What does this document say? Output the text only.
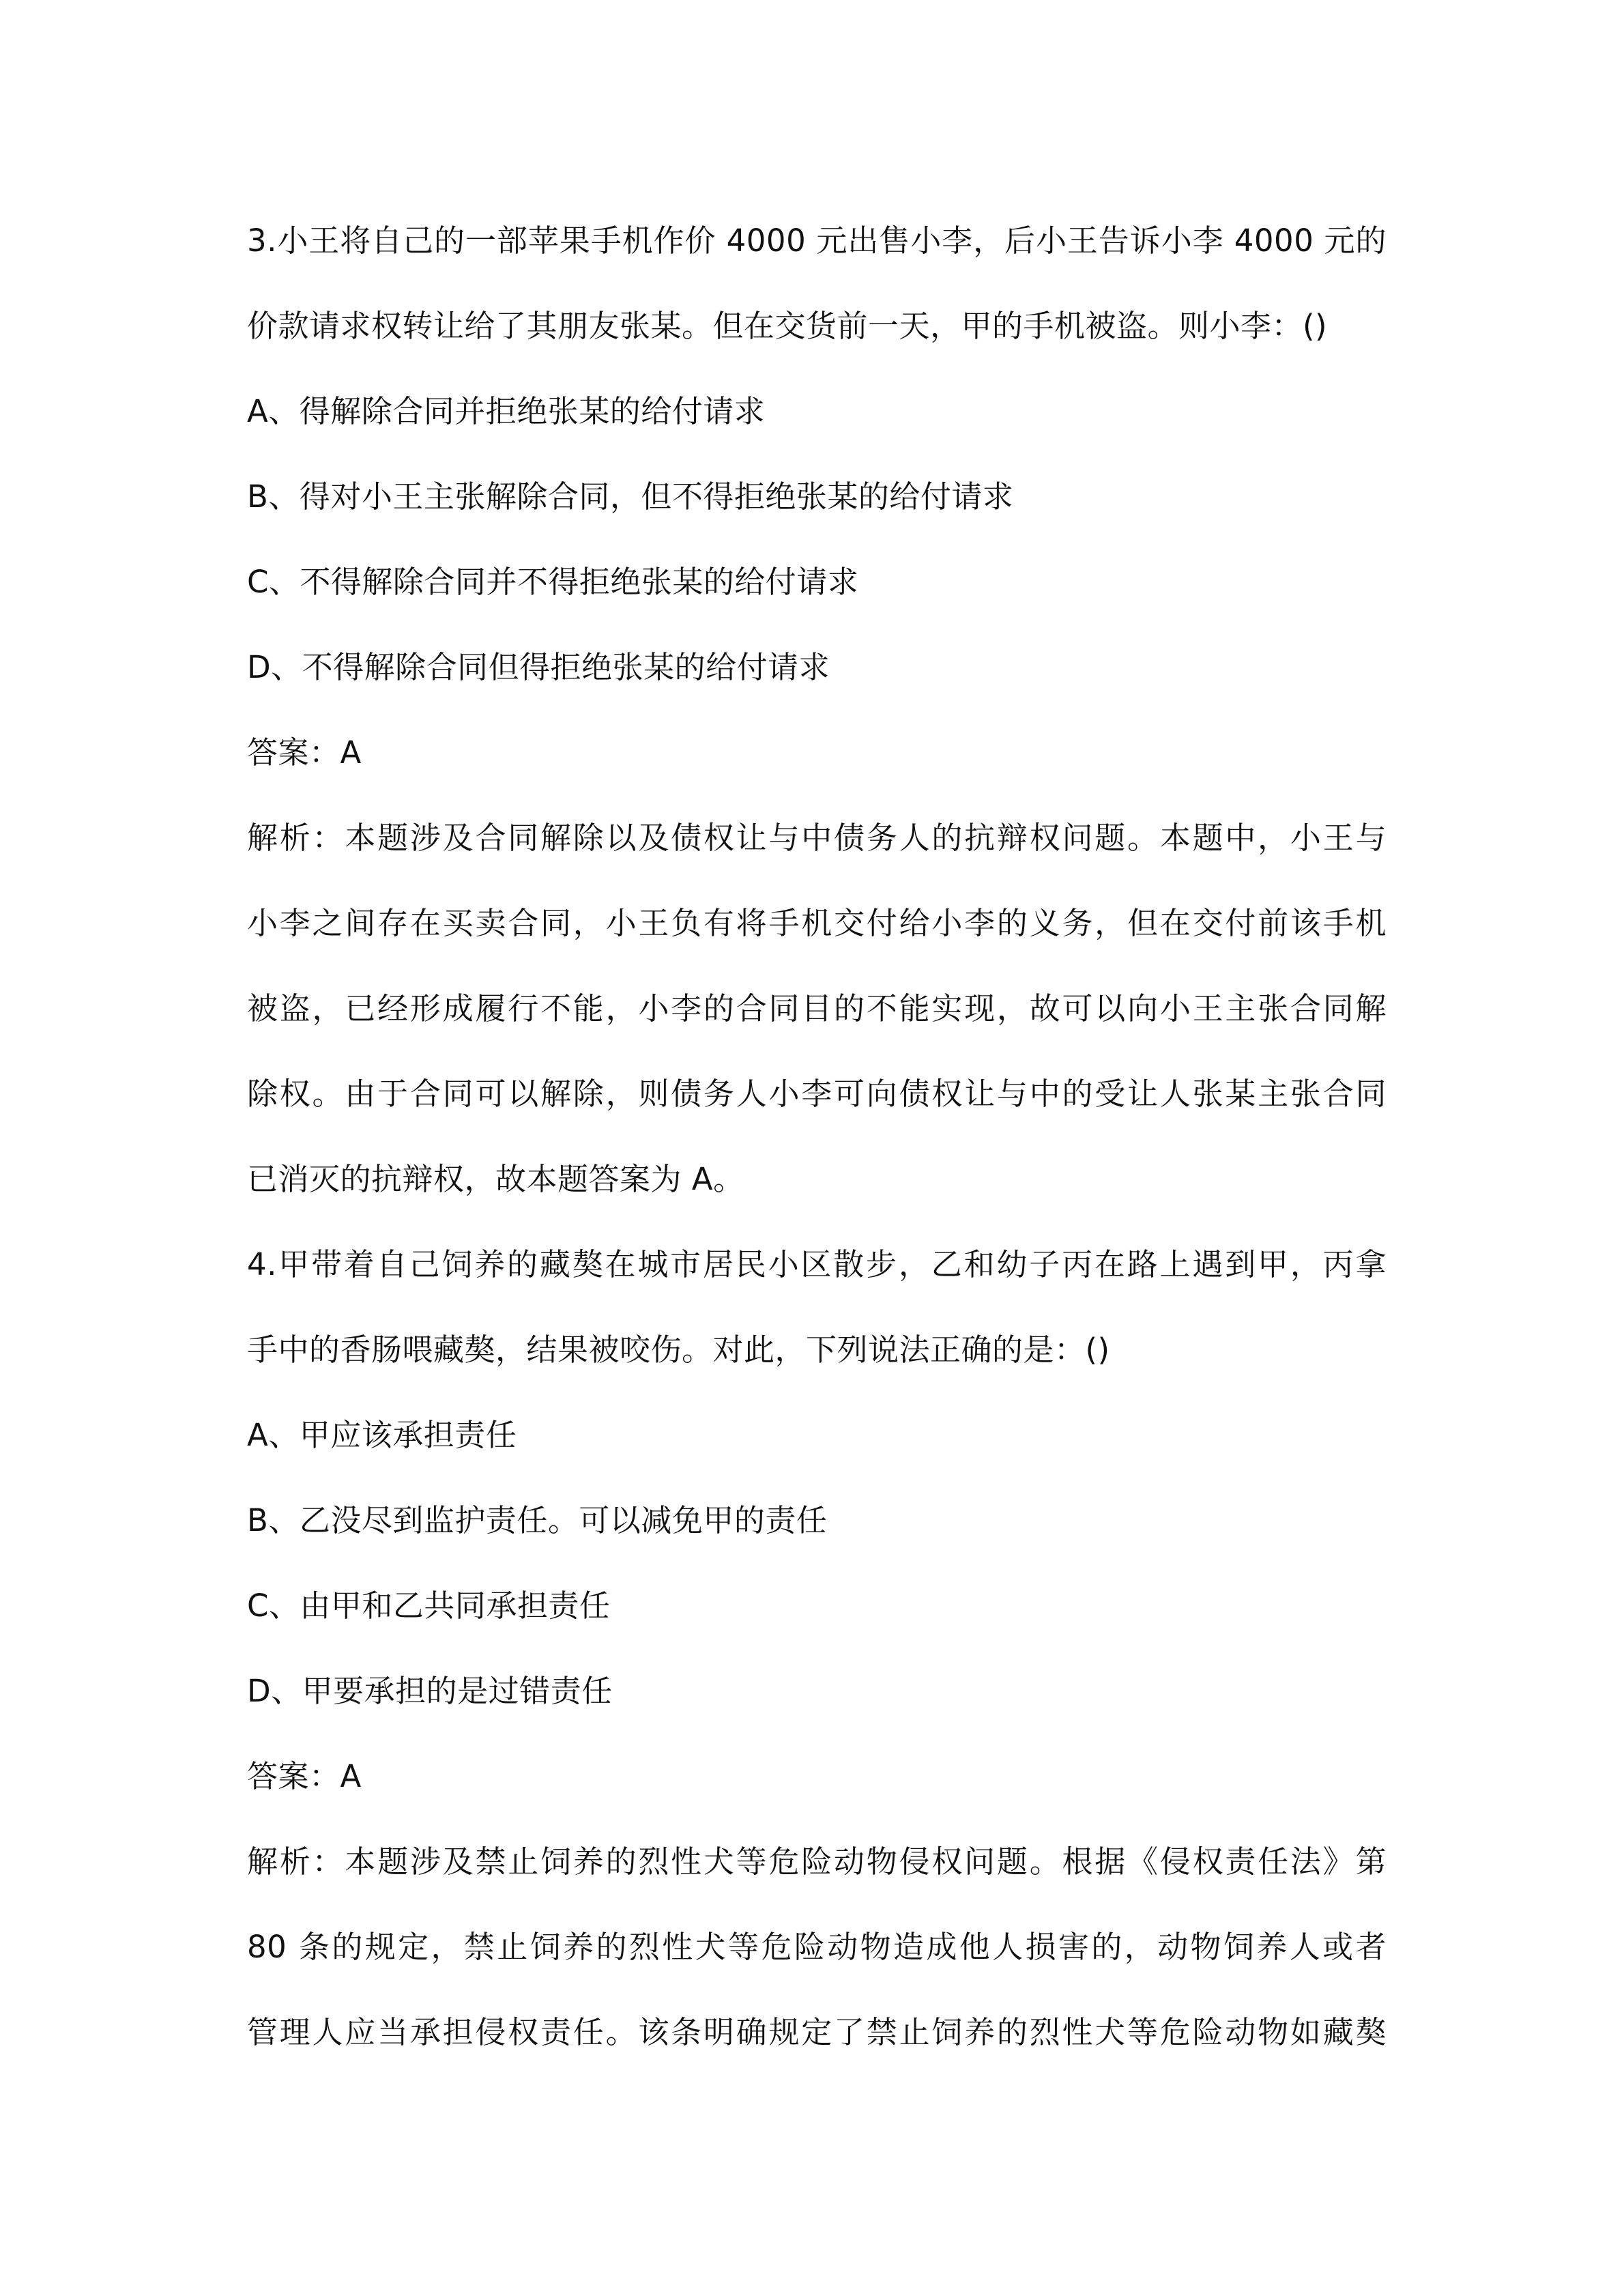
3.小王将自己的一部苹果手机作价 4000 元出售小李，后小王告诉小李 4000 元的
价款请求权转让给了其朋友张某。但在交货前一天，甲的手机被盗。则小李：()
A、得解除合同并拒绝张某的给付请求
B、得对小王主张解除合同，但不得拒绝张某的给付请求
C、不得解除合同并不得拒绝张某的给付请求
D、不得解除合同但得拒绝张某的给付请求
答案：A
解析：本题涉及合同解除以及债权让与中债务人的抗辩权问题。本题中，小王与
小李之间存在买卖合同，小王负有将手机交付给小李的义务，但在交付前该手机
被盗，已经形成履行不能，小李的合同目的不能实现，故可以向小王主张合同解
除权。由于合同可以解除，则债务人小李可向债权让与中的受让人张某主张合同
已消灭的抗辩权，故本题答案为 A。
4.甲带着自己饲养的藏獒在城市居民小区散步，乙和幼子丙在路上遇到甲，丙拿
手中的香肠喂藏獒，结果被咬伤。对此，下列说法正确的是：()
A、甲应该承担责任
B、乙没尽到监护责任。可以减免甲的责任
C、由甲和乙共同承担责任
D、甲要承担的是过错责任
答案：A
解析：本题涉及禁止饲养的烈性犬等危险动物侵权问题。根据《侵权责任法》第
80 条的规定，禁止饲养的烈性犬等危险动物造成他人损害的，动物饲养人或者
管理人应当承担侵权责任。该条明确规定了禁止饲养的烈性犬等危险动物如藏獒
